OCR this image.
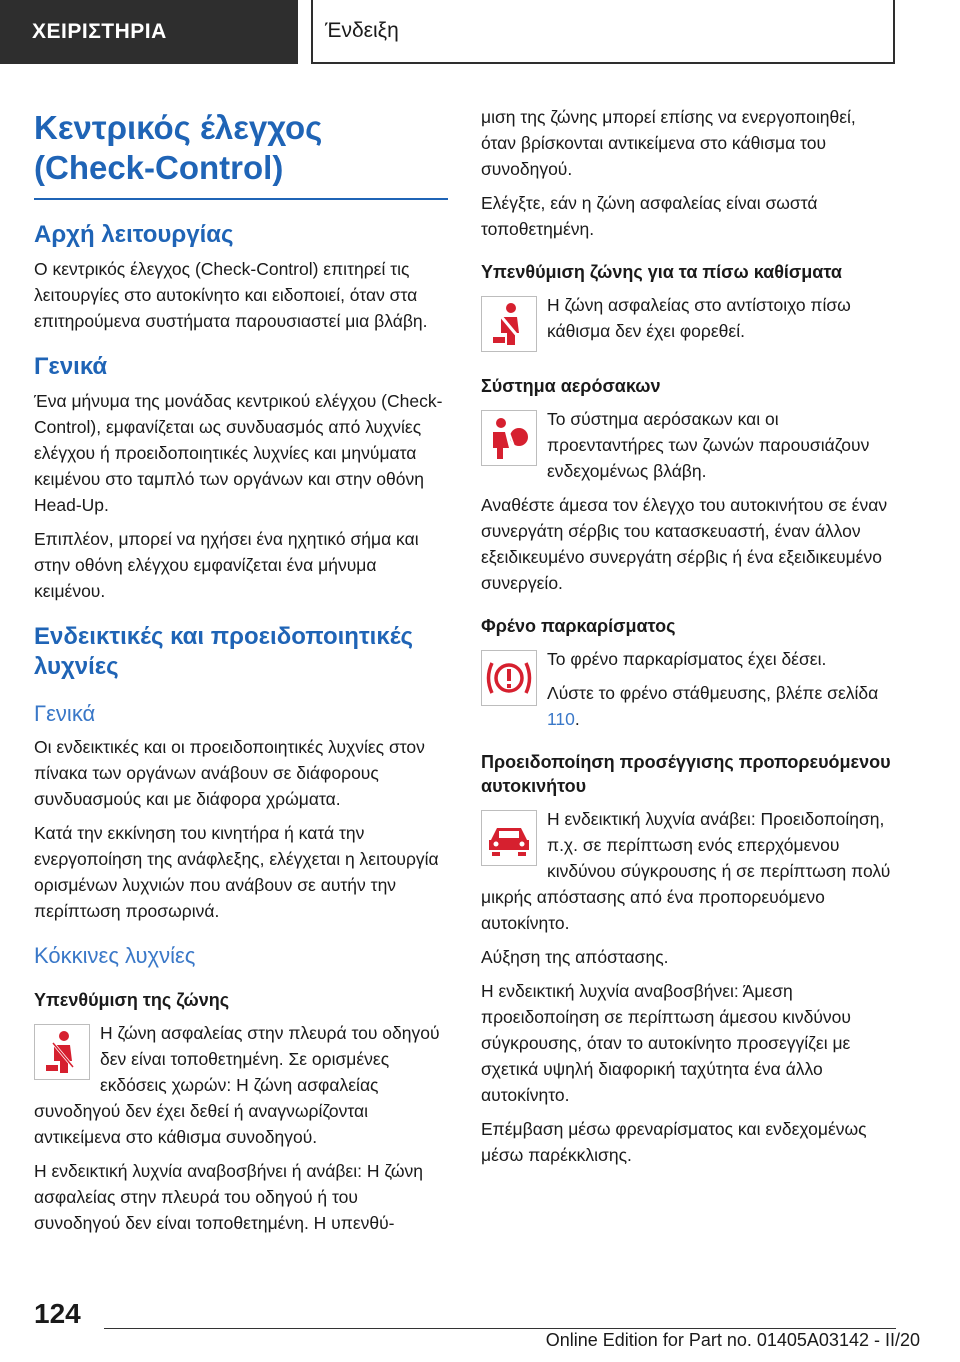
ΧΕΙΡΙΣΤΗΡΙΑ	Ένδειξη
Κεντρικός έλεγχος (Check-Control)
Αρχή λειτουργίας

Ο κεντρικός έλεγχος (Check-Control) επιτηρεί τις λειτουργίες στο αυτοκίνητο και ειδοποιεί, όταν στα επιτηρούμενα συστήματα παρουσιαστεί μια βλάβη.

Γενικά

Ένα μήνυμα της μονάδας κεντρικού ελέγχου (Check-Control), εμφανίζεται ως συνδυασμός από λυχνίες ελέγχου ή προειδοποιητικές λυχνίες και μηνύματα κειμένου στο ταμπλό των οργάνων και στην οθόνη Head-Up.

Επιπλέον, μπορεί να ηχήσει ένα ηχητικό σήμα και στην οθόνη ελέγχου εμφανίζεται ένα μήνυμα κειμένου.

Ενδεικτικές και προειδοποιητικές λυχνίες
Γενικά

Οι ενδεικτικές και οι προειδοποιητικές λυχνίες στον πίνακα των οργάνων ανάβουν σε διάφορους συνδυασμούς και με διάφορα χρώματα.

Κατά την εκκίνηση του κινητήρα ή κατά την ενεργοποίηση της ανάφλεξης, ελέγχεται η λειτουργία ορισμένων λυχνιών που ανάβουν σε αυτήν την περίπτωση προσωρινά.

Κόκκινες λυχνίες
Υπενθύμιση της ζώνης
Η ζώνη ασφαλείας στην πλευρά του οδηγού δεν είναι τοποθετημένη. Σε ορισμένες εκδόσεις χωρών: Η ζώνη ασφαλείας συνοδηγού δεν έχει δεθεί ή αναγνωρίζονται αντικείμενα στο κάθισμα συνοδηγού.

Η ενδεικτική λυχνία αναβοσβήνει ή ανάβει: Η ζώνη ασφαλείας στην πλευρά του οδηγού ή του συνοδηγού δεν είναι τοποθετημένη. Η υπενθύ-

μιση της ζώνης μπορεί επίσης να ενεργοποιηθεί, όταν βρίσκονται αντικείμενα στο κάθισμα του συνοδηγού.

Ελέγξτε, εάν η ζώνη ασφαλείας είναι σωστά τοποθετημένη.

Υπενθύμιση ζώνης για τα πίσω καθίσματα
Η ζώνη ασφαλείας στο αντίστοιχο πίσω κάθισμα δεν έχει φορεθεί.
Σύστημα αερόσακων
Το σύστημα αερόσακων και οι προενταντήρες των ζωνών παρουσιάζουν ενδεχομένως βλάβη.

Αναθέστε άμεσα τον έλεγχο του αυτοκινήτου σε έναν συνεργάτη σέρβις του κατασκευαστή, έναν άλλον εξειδικευμένο συνεργάτη σέρβις ή ένα εξειδικευμένο συνεργείο.

Φρένο παρκαρίσματος

Το φρένο παρκαρίσματος έχει δέσει.

Λύστε το φρένο στάθμευσης, βλέπε σελίδα 110.

Προειδοποίηση προσέγγισης προπορευόμενου αυτοκινήτου
Η ενδεικτική λυχνία ανάβει: Προειδοποίηση, π.χ. σε περίπτωση ενός επερχόμενου κινδύνου σύγκρουσης ή σε περίπτωση πολύ μικρής απόστασης από ένα προπορευόμενο αυτοκίνητο.

Αύξηση της απόστασης.

Η ενδεικτική λυχνία αναβοσβήνει: Άμεση προειδοποίηση σε περίπτωση άμεσου κινδύνου σύγκρουσης, όταν το αυτοκίνητο προσεγγίζει με σχετικά υψηλή διαφορική ταχύτητα ένα άλλο αυτοκίνητο.

Επέμβαση μέσω φρεναρίσματος και ενδεχομένως μέσω παρέκκλισης.

124
Online Edition for Part no. 01405A03142 - II/20
